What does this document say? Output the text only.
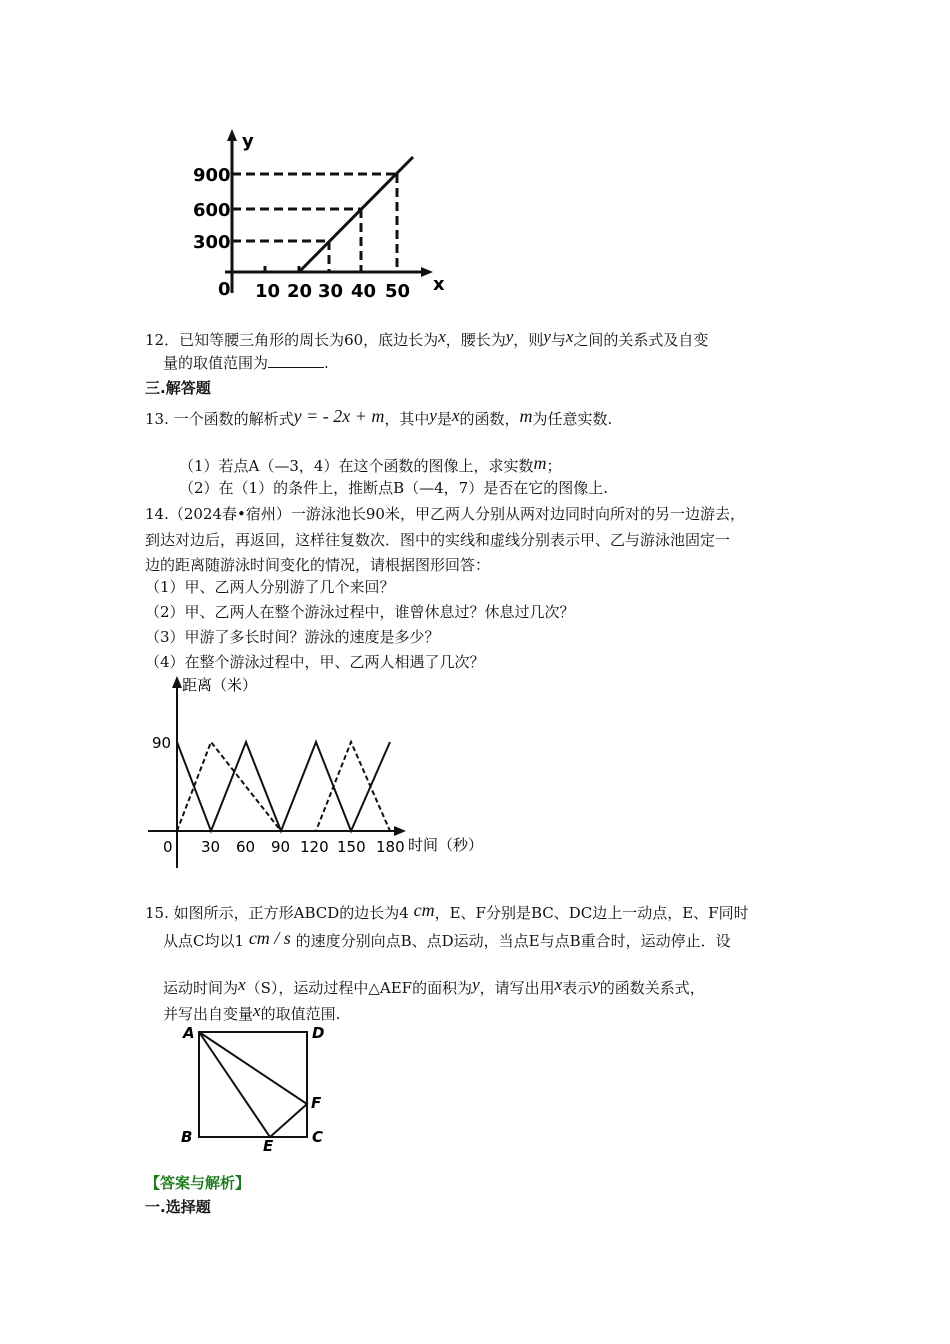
y
x
0
900
600
300
10 20 30 40 50
12．已知等腰三角形的周长为60，底边长为x，腰长为y，则y与x之间的关系式及自变
量的取值范围为	.
三.解答题
13. 一个函数的解析式y = - 2x + m，其中y是x的函数，m为任意实数.
（1）若点A（—3，4）在这个函数的图像上，求实数m；
（2）在（1）的条件上，推断点B（—4，7）是否在它的图像上.
14.（2024春•宿州）一游泳池长90米，甲乙两人分别从两对边同时向所对的另一边游去，
到达对边后，再返回，这样往复数次．图中的实线和虚线分别表示甲、乙与游泳池固定一
边的距离随游泳时间变化的情况，请根据图形回答：
（1）甲、乙两人分别游了几个来回？
（2）甲、乙两人在整个游泳过程中，谁曾休息过？休息过几次？
（3）甲游了多长时间？游泳的速度是多少？
（4）在整个游泳过程中，甲、乙两人相遇了几次？
距离（米）
时间（秒）
0
90
30 60 90 120 150 180
15. 如图所示，正方形ABCD的边长为4 cm，E、F分别是BC、DC边上一动点，E、F同时
从点C均以1 cm / s 的速度分别向点B、点D运动，当点E与点B重合时，运动停止．设
运动时间为x（S），运动过程中△AEF的面积为y，请写出用x表示y的函数关系式，
并写出自变量x的取值范围.
A	D
F
B	E	C
【答案与解析】
一.选择题
